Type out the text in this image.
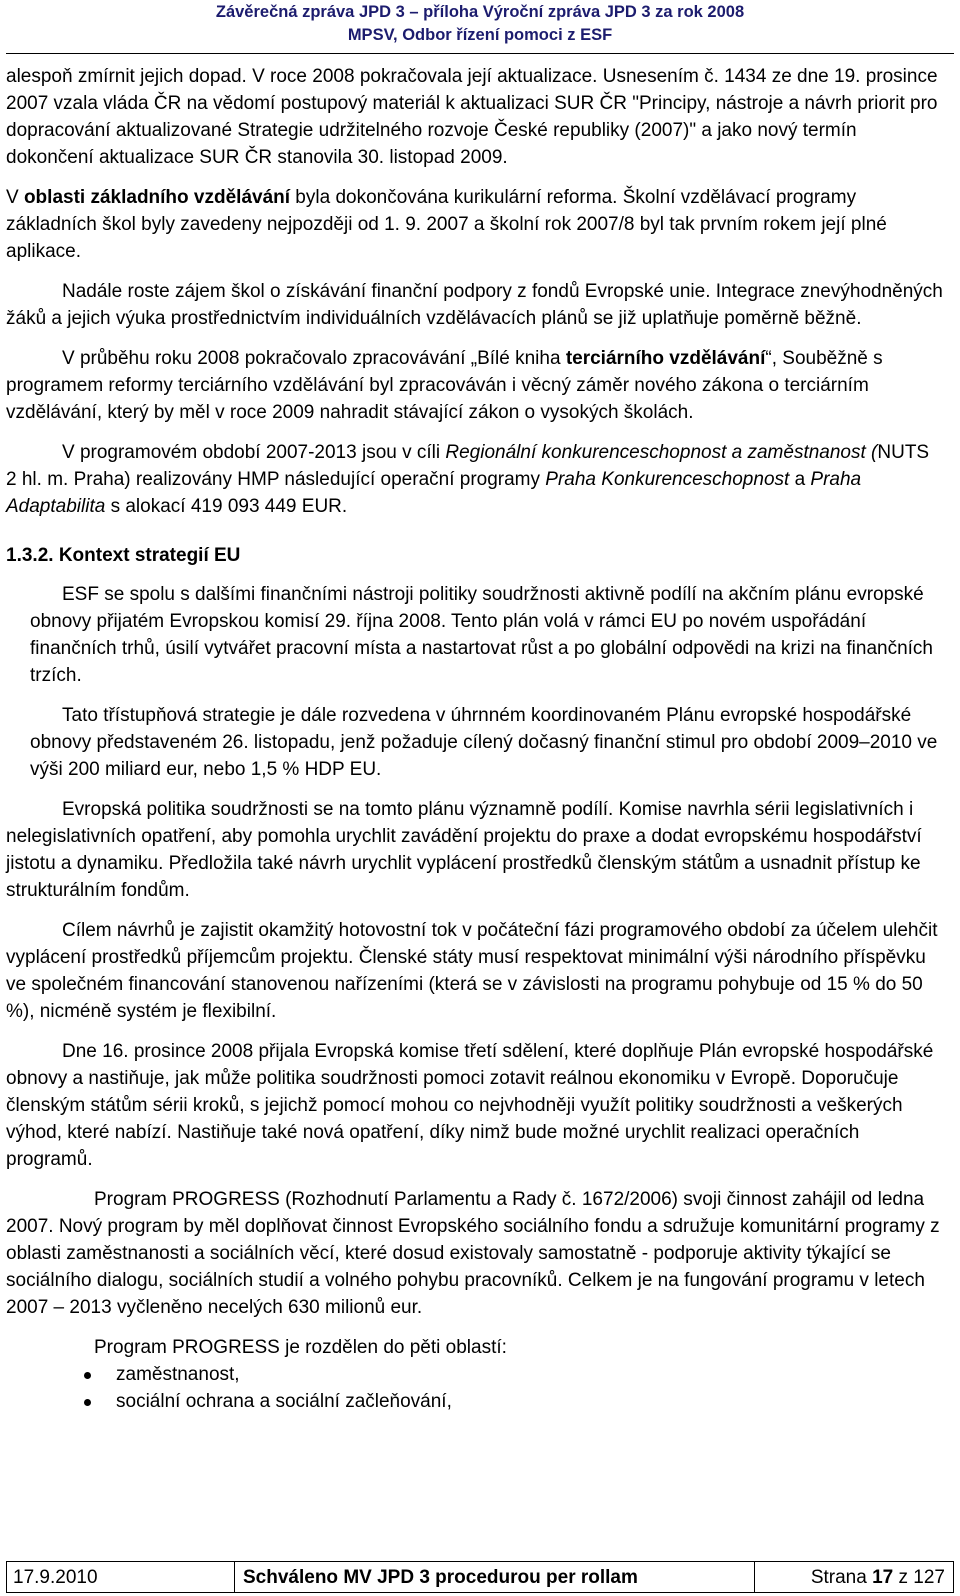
Závěrečná zpráva JPD 3 – příloha Výroční zpráva JPD 3 za rok 2008
MPSV, Odbor řízení pomoci z ESF

alespoň zmírnit jejich dopad. V roce 2008 pokračovala její aktualizace. Usnesením č. 1434 ze dne 19. prosince 2007 vzala vláda ČR na vědomí postupový materiál k aktualizaci SUR ČR "Principy, nástroje a návrh priorit pro dopracování aktualizované Strategie udržitelného rozvoje České republiky (2007)" a jako nový termín dokončení aktualizace SUR ČR stanovila 30. listopad 2009.

V oblasti základního vzdělávání byla dokončována kurikulární reforma. Školní vzdělávací programy základních škol byly zavedeny nejpozději od 1. 9. 2007 a školní rok 2007/8 byl tak prvním rokem její plné aplikace.

Nadále roste zájem škol o získávání finanční podpory z fondů Evropské unie. Integrace znevýhodněných žáků a jejich výuka prostřednictvím individuálních vzdělávacích plánů se již uplatňuje poměrně běžně.

V průběhu roku 2008 pokračovalo zpracovávání „Bílé kniha terciárního vzdělávání“, Souběžně s programem reformy terciárního vzdělávání byl zpracováván i věcný záměr nového zákona o terciárním vzdělávání, který by měl v roce 2009 nahradit stávající zákon o vysokých školách.

V programovém období 2007-2013 jsou v cíli Regionální konkurenceschopnost a zaměstnanost (NUTS 2 hl. m. Praha) realizovány HMP následující operační programy Praha Konkurenceschopnost a Praha Adaptabilita s alokací 419 093 449 EUR.

1.3.2. Kontext strategií EU

ESF se spolu s dalšími finančními nástroji politiky soudržnosti aktivně podílí na akčním plánu evropské obnovy přijatém Evropskou komisí 29. října 2008. Tento plán volá v rámci EU po novém uspořádání finančních trhů, úsilí vytvářet pracovní místa a nastartovat růst a po globální odpovědi na krizi na finančních trzích.

Tato třístupňová strategie je dále rozvedena v úhrnném koordinovaném Plánu evropské hospodářské obnovy představeném 26. listopadu, jenž požaduje cílený dočasný finanční stimul pro období 2009–2010 ve výši 200 miliard eur, nebo 1,5 % HDP EU.

Evropská politika soudržnosti se na tomto plánu významně podílí. Komise navrhla sérii legislativních i nelegislativních opatření, aby pomohla urychlit zavádění projektu do praxe a dodat evropskému hospodářství jistotu a dynamiku. Předložila také návrh urychlit vyplácení prostředků členským státům a usnadnit přístup ke strukturálním fondům.

Cílem návrhů je zajistit okamžitý hotovostní tok v počáteční fázi programového období za účelem ulehčit vyplácení prostředků příjemcům projektu. Členské státy musí respektovat minimální výši národního příspěvku ve společném financování stanovenou nařízeními (která se v závislosti na programu pohybuje od 15 % do 50 %), nicméně systém je flexibilní.

Dne 16. prosince 2008 přijala Evropská komise třetí sdělení, které doplňuje Plán evropské hospodářské obnovy a nastiňuje, jak může politika soudržnosti pomoci zotavit reálnou ekonomiku v Evropě. Doporučuje členským státům sérii kroků, s jejichž pomocí mohou co nejvhodněji využít politiky soudržnosti a veškerých výhod, které nabízí. Nastiňuje také nová opatření, díky nimž bude možné urychlit realizaci operačních programů.

Program PROGRESS (Rozhodnutí Parlamentu a Rady č. 1672/2006) svoji činnost zahájil od ledna 2007. Nový program by měl doplňovat činnost Evropského sociálního fondu a sdružuje komunitární programy z oblasti zaměstnanosti a sociálních věcí, které dosud existovaly samostatně - podporuje aktivity týkající se sociálního dialogu, sociálních studií a volného pohybu pracovníků. Celkem je na fungování programu v letech 2007 – 2013 vyčleněno necelých 630 milionů eur.

Program PROGRESS je rozdělen do pěti oblastí:

zaměstnanost,
sociální ochrana a sociální začleňování,
17.9.2010	Schváleno MV JPD 3 procedurou per rollam	Strana 17 z 127
